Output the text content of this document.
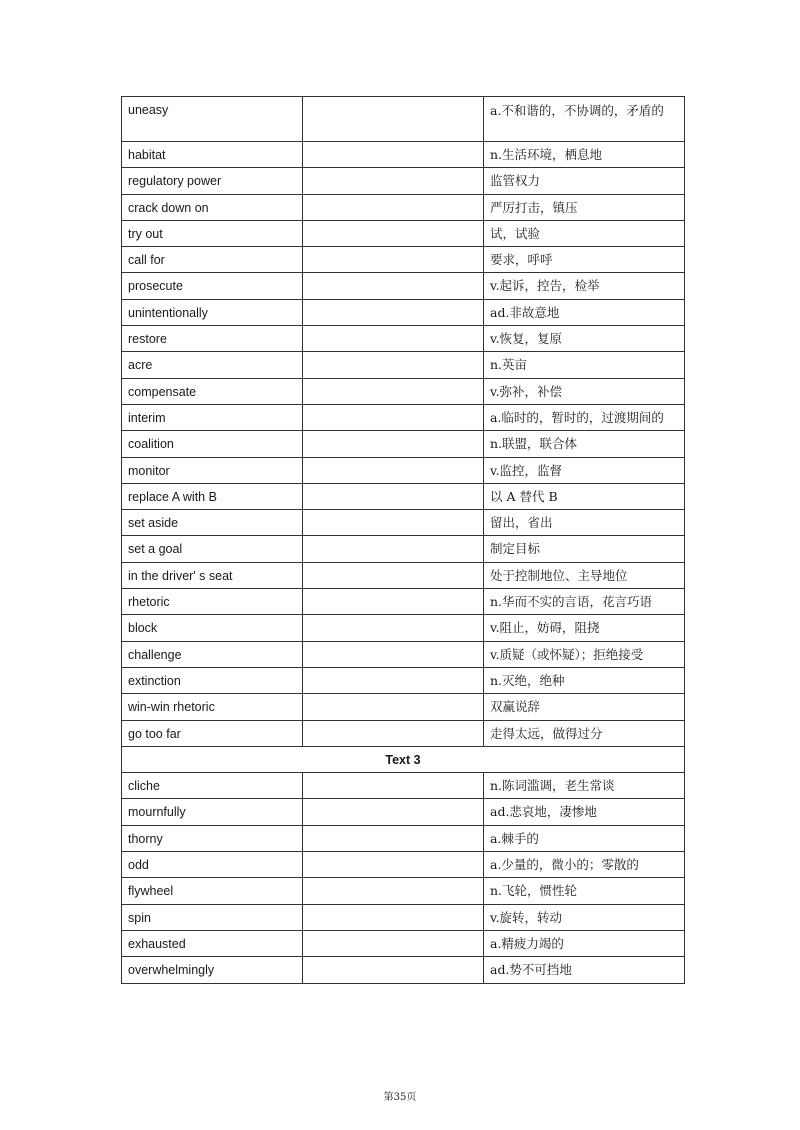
uneasy		a.不和谐的，不协调的，矛盾的
habitat		n.生活环境，栖息地
regulatory power		监管权力
crack down on		严厉打击，镇压
try out		试，试验
call for		要求，呼呼
prosecute		v.起诉，控告，检举
unintentionally		ad.非故意地
restore		v.恢复，复原
acre		n.英亩
compensate		v.弥补，补偿
interim		a.临时的，暂时的，过渡期间的
coalition		n.联盟，联合体
monitor		v.监控，监督
replace A with B		以 A 替代 B
set aside		留出，省出
set a goal		制定目标
in the driver' s seat		处于控制地位、主导地位
rhetoric		n.华而不实的言语，花言巧语
block		v.阻止，妨碍，阻挠
challenge		v.质疑（或怀疑）；拒绝接受
extinction		n.灭绝，绝种
win-win rhetoric		双赢说辞
go too far		走得太远，做得过分
Text 3		
cliche		n.陈词滥调，老生常谈
mournfully		ad.悲哀地，凄惨地
thorny		a.棘手的
odd		a.少量的，微小的；零散的
flywheel		n.飞轮，惯性轮
spin		v.旋转，转动
exhausted		a.精疲力竭的
overwhelmingly		ad.势不可挡地
第35页
